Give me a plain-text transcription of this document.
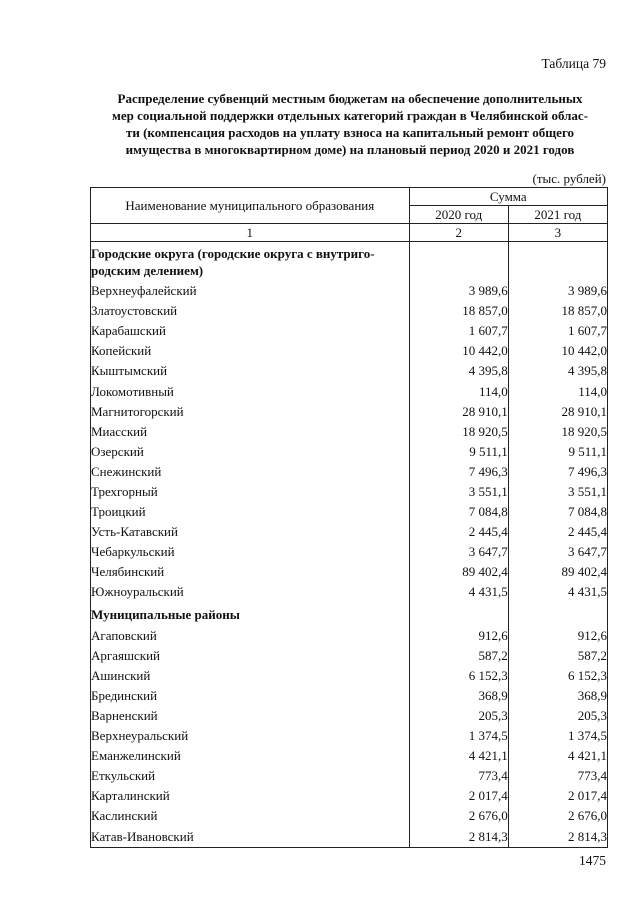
Таблица 79
Распределение субвенций местным бюджетам на обеспечение дополнительных
мер социальной поддержки отдельных категорий граждан в Челябинской облас-
ти (компенсация расходов на уплату взноса на капитальный ремонт общего
имущества в многоквартирном доме) на плановый период 2020 и 2021 годов
(тыс. рублей)
Наименование муниципального образования	Сумма	
	2020 год	2021 год
1	2	3
Городские округа (городские округа с внутриго-родским делением)		
Верхнеуфалейский	3 989,6	3 989,6
Златоустовский	18 857,0	18 857,0
Карабашский	1 607,7	1 607,7
Копейский	10 442,0	10 442,0
Кыштымский	4 395,8	4 395,8
Локомотивный	114,0	114,0
Магнитогорский	28 910,1	28 910,1
Миасский	18 920,5	18 920,5
Озерский	9 511,1	9 511,1
Снежинский	7 496,3	7 496,3
Трехгорный	3 551,1	3 551,1
Троицкий	7 084,8	7 084,8
Усть-Катавский	2 445,4	2 445,4
Чебаркульский	3 647,7	3 647,7
Челябинский	89 402,4	89 402,4
Южноуральский	4 431,5	4 431,5
Муниципальные районы		
Агаповский	912,6	912,6
Аргаяшский	587,2	587,2
Ашинский	6 152,3	6 152,3
Брединский	368,9	368,9
Варненский	205,3	205,3
Верхнеуральский	1 374,5	1 374,5
Еманжелинский	4 421,1	4 421,1
Еткульский	773,4	773,4
Карталинский	2 017,4	2 017,4
Каслинский	2 676,0	2 676,0
Катав-Ивановский	2 814,3	2 814,3
1475
